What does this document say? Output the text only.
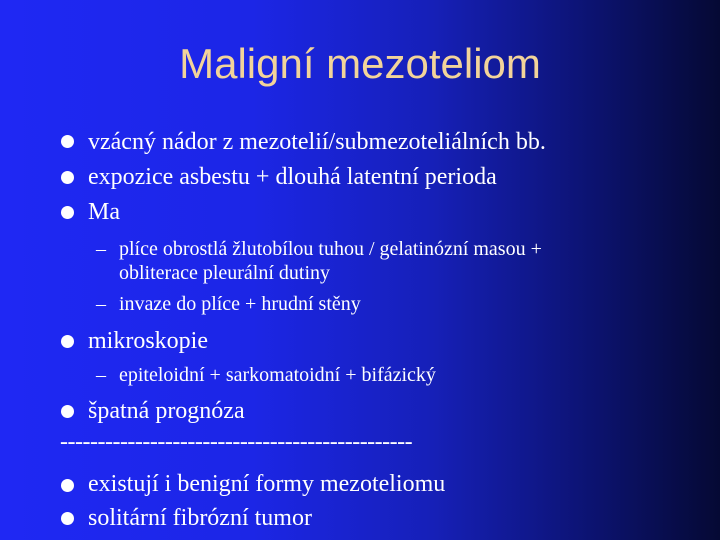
Maligní mezoteliom
vzácný nádor z mezotelií/submezoteliálních bb.
expozice asbestu + dlouhá latentní perioda
Ma
– plíce obrostlá žlutobílou tuhou / gelatinózní masou +
obliterace pleurální dutiny
– invaze do plíce + hrudní stěny
mikroskopie
– epiteloidní + sarkomatoidní + bifázický
špatná prognóza
-----------------------------------------------
existují i benigní formy mezoteliomu
solitární fibrózní tumor
